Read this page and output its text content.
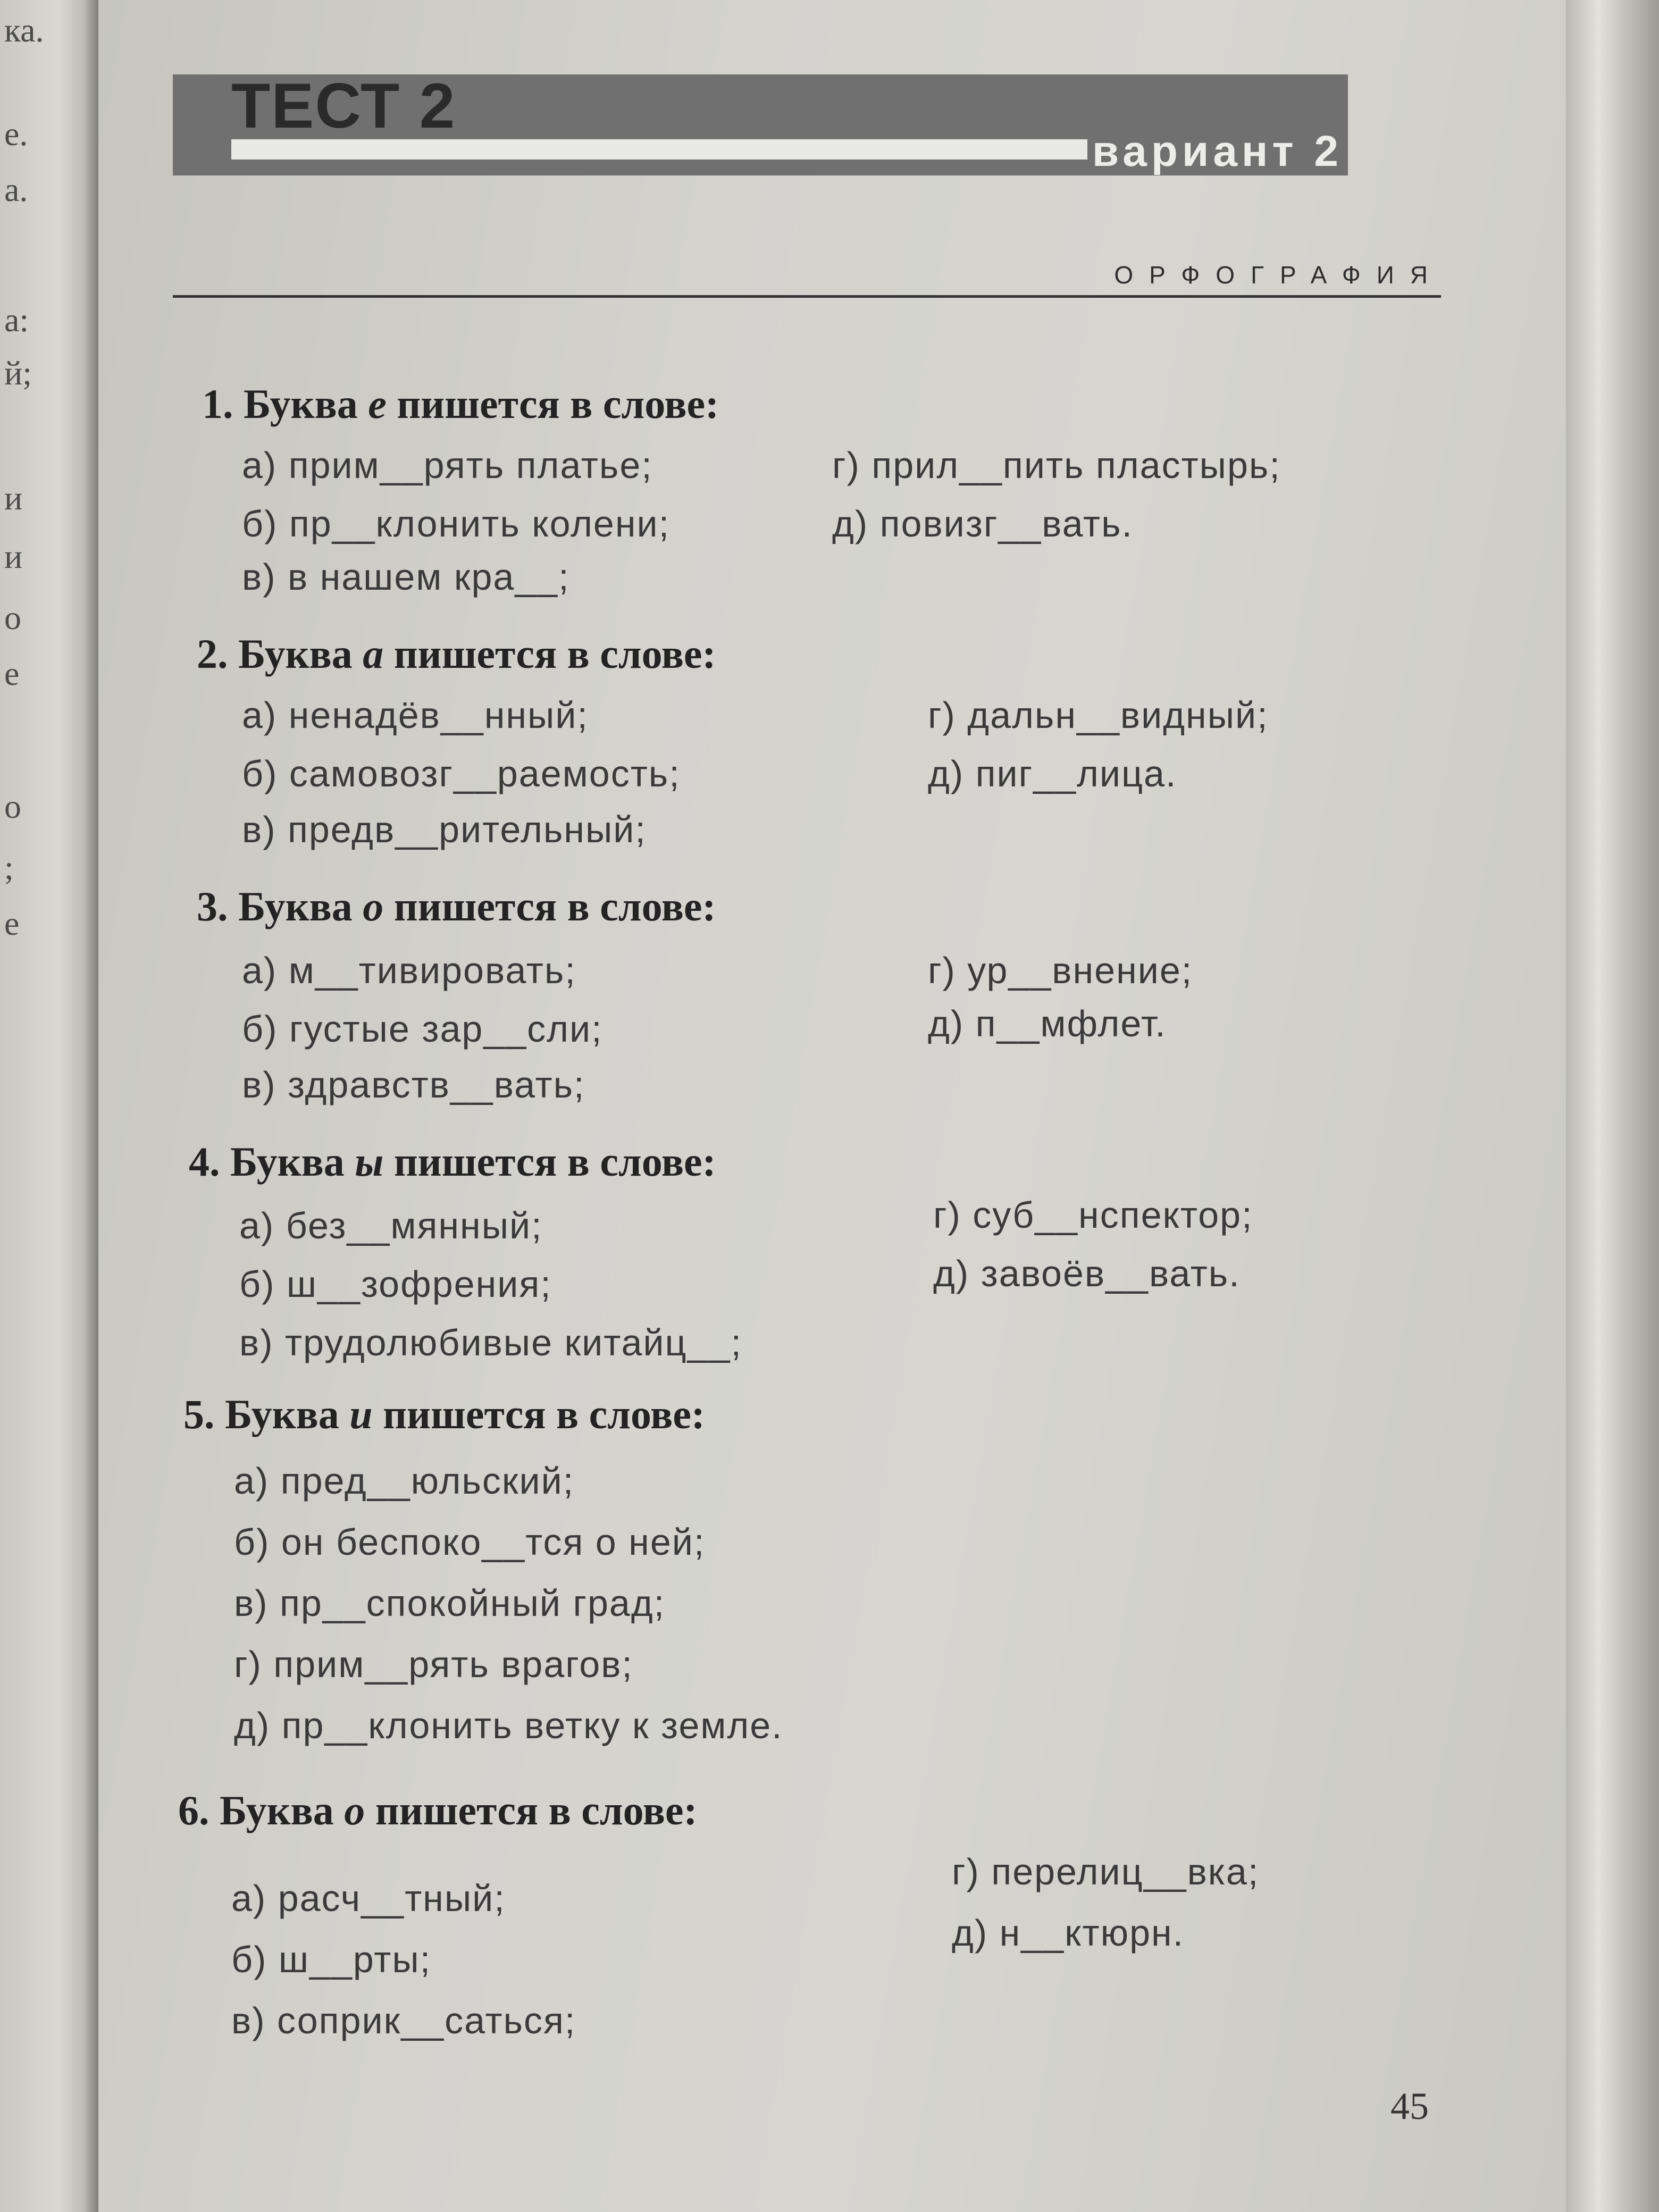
ка.
е.
а.
а:
й;
и
и
о
е
о
;
е
ТЕСТ 2
вариант 2
ОРФОГРАФИЯ
1. Буква е пишется в слове:
а) прим__рять платье;
б) пр__клонить колени;
в) в нашем кра__;
г) прил__пить пластырь;
д) повизг__вать.
2. Буква а пишется в слове:
а) ненадёв__нный;
б) самовозг__раемость;
в) предв__рительный;
г) дальн__видный;
д) пиг__лица.
3. Буква о пишется в слове:
а) м__тивировать;
б) густые зар__сли;
в) здравств__вать;
г) ур__внение;
д) п__мфлет.
4. Буква ы пишется в слове:
а) без__мянный;
б) ш__зофрения;
в) трудолюбивые китайц__;
г) суб__нспектор;
д) завоёв__вать.
5. Буква и пишется в слове:
а) пред__юльский;
б) он беспоко__тся о ней;
в) пр__спокойный град;
г) прим__рять врагов;
д) пр__клонить ветку к земле.
6. Буква о пишется в слове:
а) расч__тный;
б) ш__рты;
в) соприк__саться;
г) перелиц__вка;
д) н__ктюрн.
45
